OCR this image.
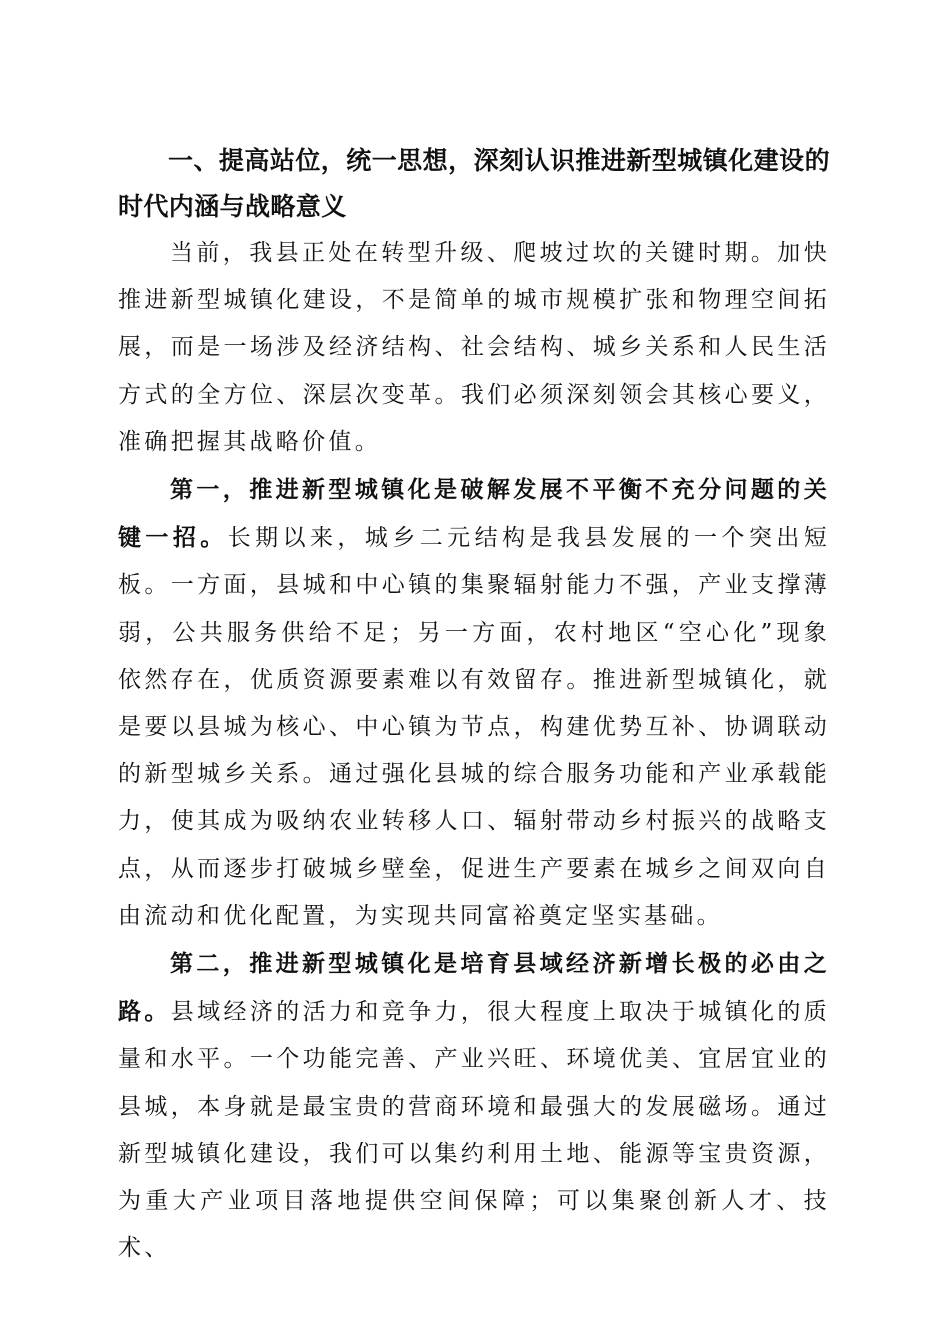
一、提高站位，统一思想，深刻认识推进新型城镇化建设的时代内涵与战略意义

当前，我县正处在转型升级、爬坡过坎的关键时期。加快推进新型城镇化建设，不是简单的城市规模扩张和物理空间拓展，而是一场涉及经济结构、社会结构、城乡关系和人民生活方式的全方位、深层次变革。我们必须深刻领会其核心要义，准确把握其战略价值。

第一，推进新型城镇化是破解发展不平衡不充分问题的关键一招。长期以来，城乡二元结构是我县发展的一个突出短板。一方面，县城和中心镇的集聚辐射能力不强，产业支撑薄弱，公共服务供给不足；另一方面，农村地区“空心化”现象依然存在，优质资源要素难以有效留存。推进新型城镇化，就是要以县城为核心、中心镇为节点，构建优势互补、协调联动的新型城乡关系。通过强化县城的综合服务功能和产业承载能力，使其成为吸纳农业转移人口、辐射带动乡村振兴的战略支点，从而逐步打破城乡壁垒，促进生产要素在城乡之间双向自由流动和优化配置，为实现共同富裕奠定坚实基础。

第二，推进新型城镇化是培育县域经济新增长极的必由之路。县域经济的活力和竞争力，很大程度上取决于城镇化的质量和水平。一个功能完善、产业兴旺、环境优美、宜居宜业的县城，本身就是最宝贵的营商环境和最强大的发展磁场。通过新型城镇化建设，我们可以集约利用土地、能源等宝贵资源，为重大产业项目落地提供空间保障；可以集聚创新人才、技术、
